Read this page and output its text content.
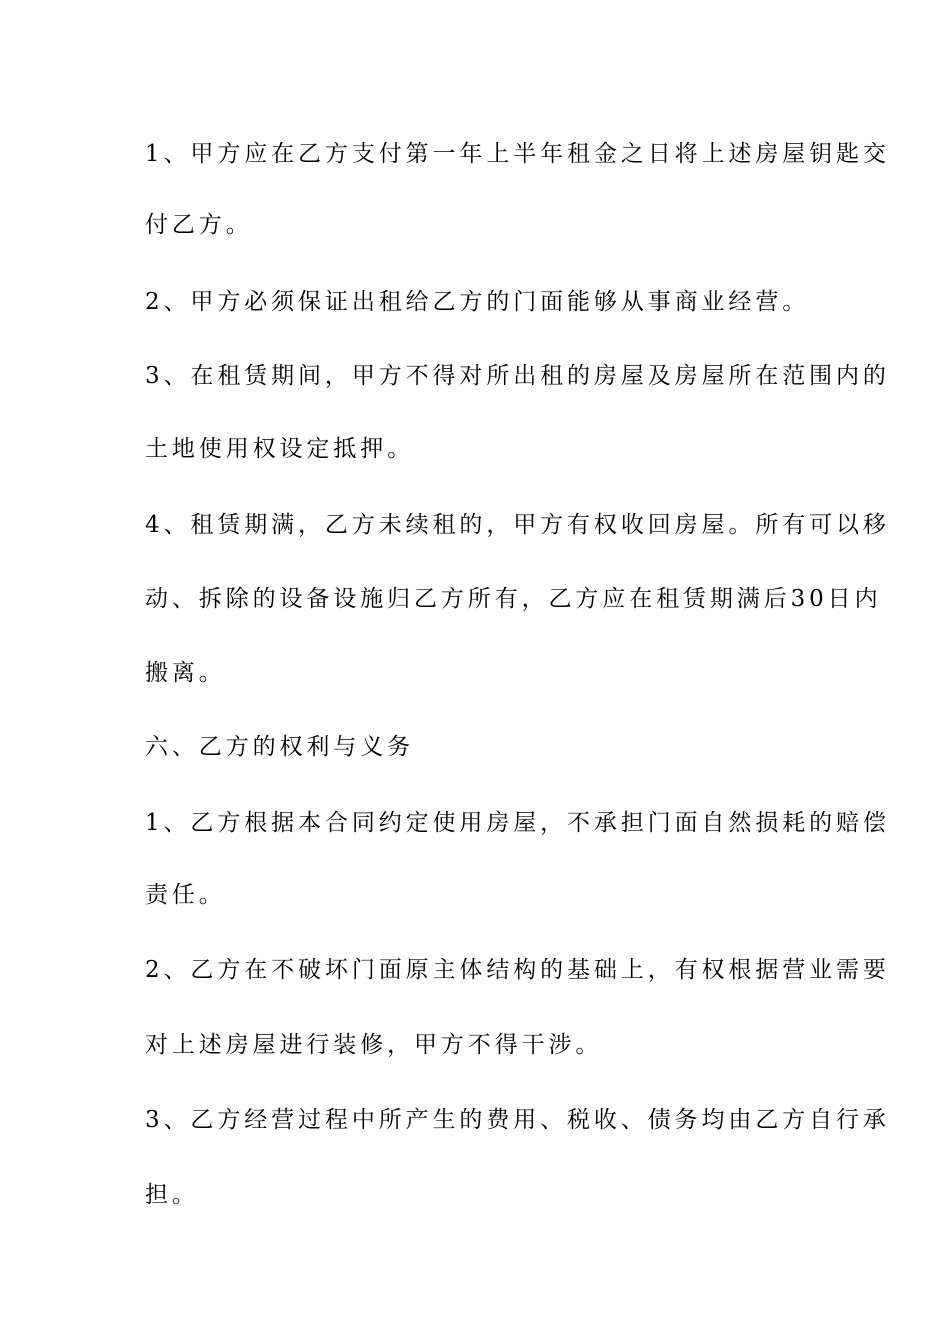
1、甲方应在乙方支付第一年上半年租金之日将上述房屋钥匙交
付乙方。
2、甲方必须保证出租给乙方的门面能够从事商业经营。
3、在租赁期间，甲方不得对所出租的房屋及房屋所在范围内的
土地使用权设定抵押。
4、租赁期满，乙方未续租的，甲方有权收回房屋。所有可以移
动、拆除的设备设施归乙方所有，乙方应在租赁期满后30日内
搬离。
六、乙方的权利与义务
1、乙方根据本合同约定使用房屋，不承担门面自然损耗的赔偿
责任。
2、乙方在不破坏门面原主体结构的基础上，有权根据营业需要
对上述房屋进行装修，甲方不得干涉。
3、乙方经营过程中所产生的费用、税收、债务均由乙方自行承
担。
